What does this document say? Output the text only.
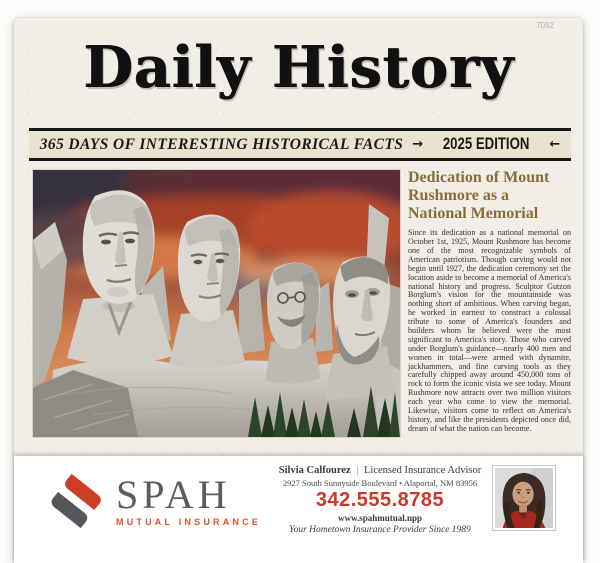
7052
Daily History
365 DAYS OF INTERESTING HISTORICAL FACTS → 2025 EDITION ←
Dedication of Mount Rushmore as a National Memorial

Since its dedication as a national memorial on October 1st, 1925, Mount Rushmore has become one of the most recognizable symbols of American patriotism. Though carving would not begin until 1927, the dedication ceremony set the location aside to become a memorial of America's national history and progress. Sculptor Gutzon Borglum's vision for the mountainside was nothing short of ambitious. When carving began, he worked in earnest to construct a colossal tribute to some of America's founders and builders whom he believed were the most significant to America's story. Those who carved under Borglum's guidance—nearly 400 men and women in total—were armed with dynamite, jackhammers, and fine carving tools as they carefully chipped away around 450,000 tons of rock to form the iconic vista we see today. Mount Rushmore now attracts over two million visitors each year who come to view the memorial. Likewise, visitors come to reflect on America's history, and like the presidents depicted once did, dream of what the nation can become.

SPAH
MUTUAL INSURANCE
Silvia Calfourez | Licensed Insurance Advisor
2927 South Sunnyside Boulevard • Alaportal, NM 83956
342.555.8785
www.spahmutual.npp
Your Hometown Insurance Provider Since 1989
